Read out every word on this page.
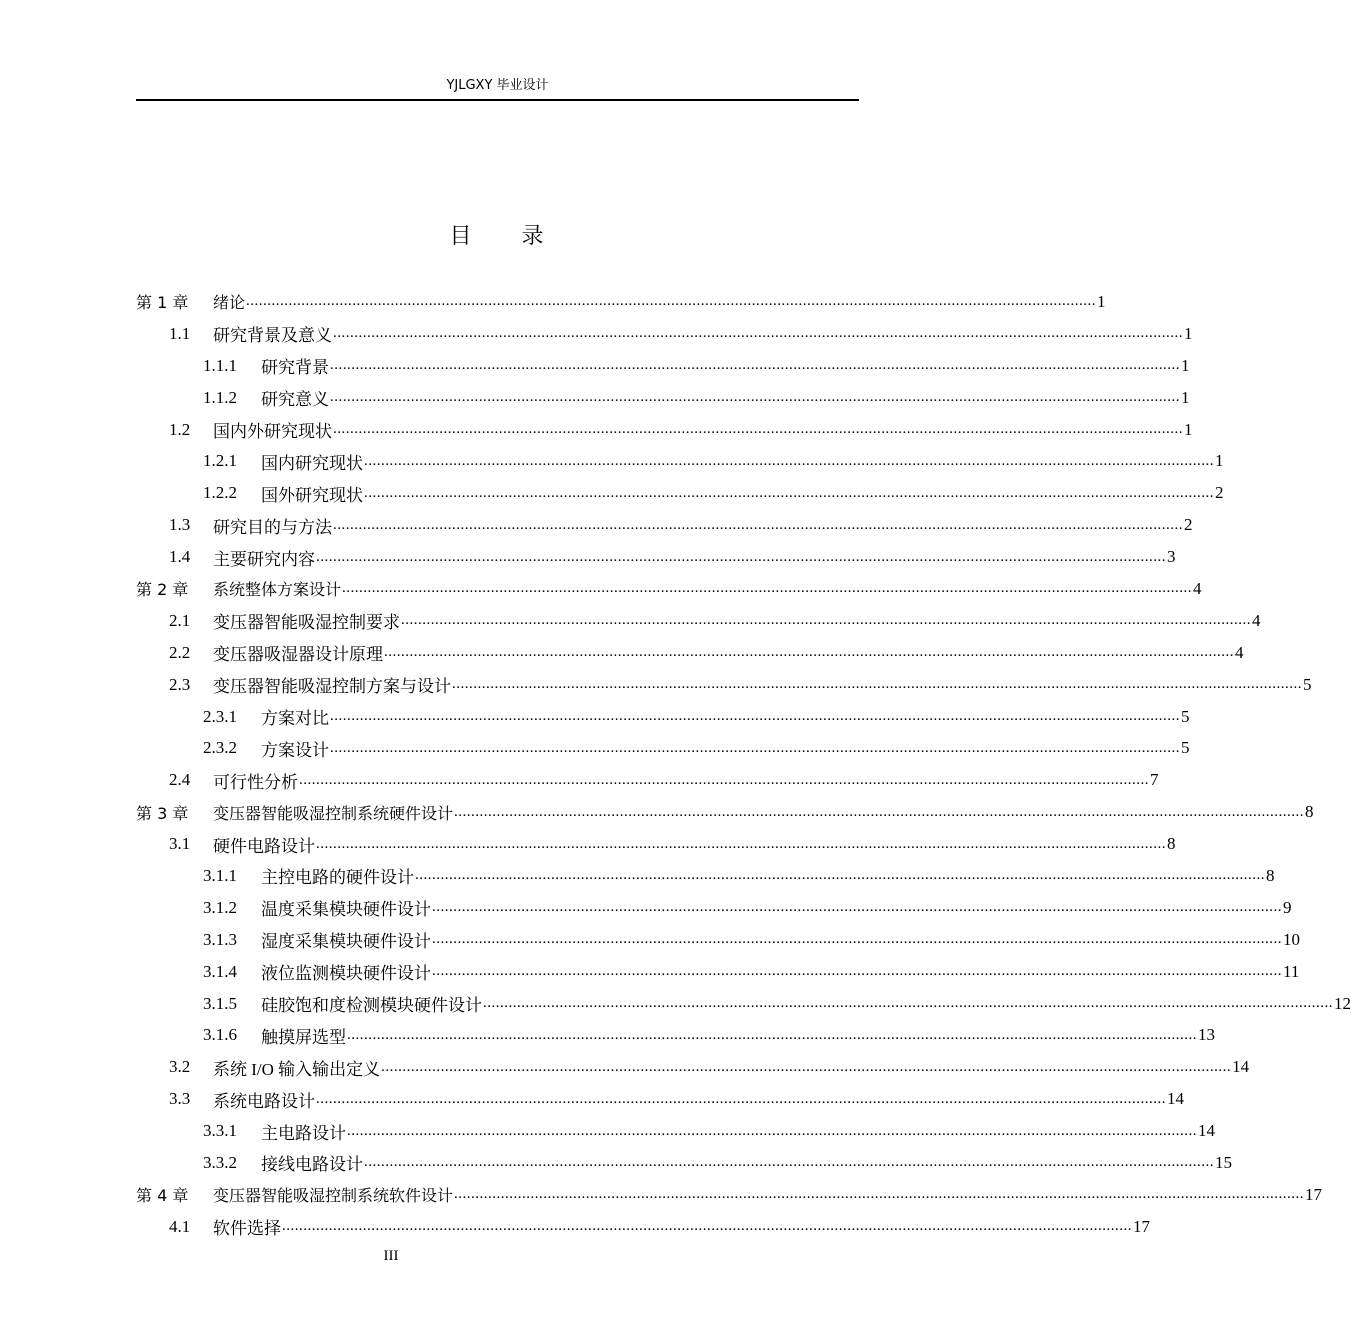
YJLGXY 毕业设计
目　　录
第 1 章	绪论 ........................................................................................................................................................................................................ 1
1.1	研究背景及意义 ........................................................................................................................................................................................................ 1
1.1.1	研究背景 ........................................................................................................................................................................................................ 1
1.1.2	研究意义 ........................................................................................................................................................................................................ 1
1.2	国内外研究现状 ........................................................................................................................................................................................................ 1
1.2.1	国内研究现状 ........................................................................................................................................................................................................ 1
1.2.2	国外研究现状 ........................................................................................................................................................................................................ 2
1.3	研究目的与方法 ........................................................................................................................................................................................................ 2
1.4	主要研究内容 ........................................................................................................................................................................................................ 3
第 2 章	系统整体方案设计 ........................................................................................................................................................................................................ 4
2.1	变压器智能吸湿控制要求 ........................................................................................................................................................................................................ 4
2.2	变压器吸湿器设计原理 ........................................................................................................................................................................................................ 4
2.3	变压器智能吸湿控制方案与设计 ........................................................................................................................................................................................................ 5
2.3.1	方案对比 ........................................................................................................................................................................................................ 5
2.3.2	方案设计 ........................................................................................................................................................................................................ 5
2.4	可行性分析 ........................................................................................................................................................................................................ 7
第 3 章	变压器智能吸湿控制系统硬件设计 ........................................................................................................................................................................................................ 8
3.1	硬件电路设计 ........................................................................................................................................................................................................ 8
3.1.1	主控电路的硬件设计 ........................................................................................................................................................................................................ 8
3.1.2	温度采集模块硬件设计 ........................................................................................................................................................................................................ 9
3.1.3	湿度采集模块硬件设计 ........................................................................................................................................................................................................ 10
3.1.4	液位监测模块硬件设计 ........................................................................................................................................................................................................ 11
3.1.5	硅胶饱和度检测模块硬件设计 ........................................................................................................................................................................................................ 12
3.1.6	触摸屏选型 ........................................................................................................................................................................................................ 13
3.2	系统 I/O 输入输出定义 ........................................................................................................................................................................................................ 14
3.3	系统电路设计 ........................................................................................................................................................................................................ 14
3.3.1	主电路设计 ........................................................................................................................................................................................................ 14
3.3.2	接线电路设计 ........................................................................................................................................................................................................ 15
第 4 章	变压器智能吸湿控制系统软件设计 ........................................................................................................................................................................................................ 17
4.1	软件选择 ........................................................................................................................................................................................................ 17
III
